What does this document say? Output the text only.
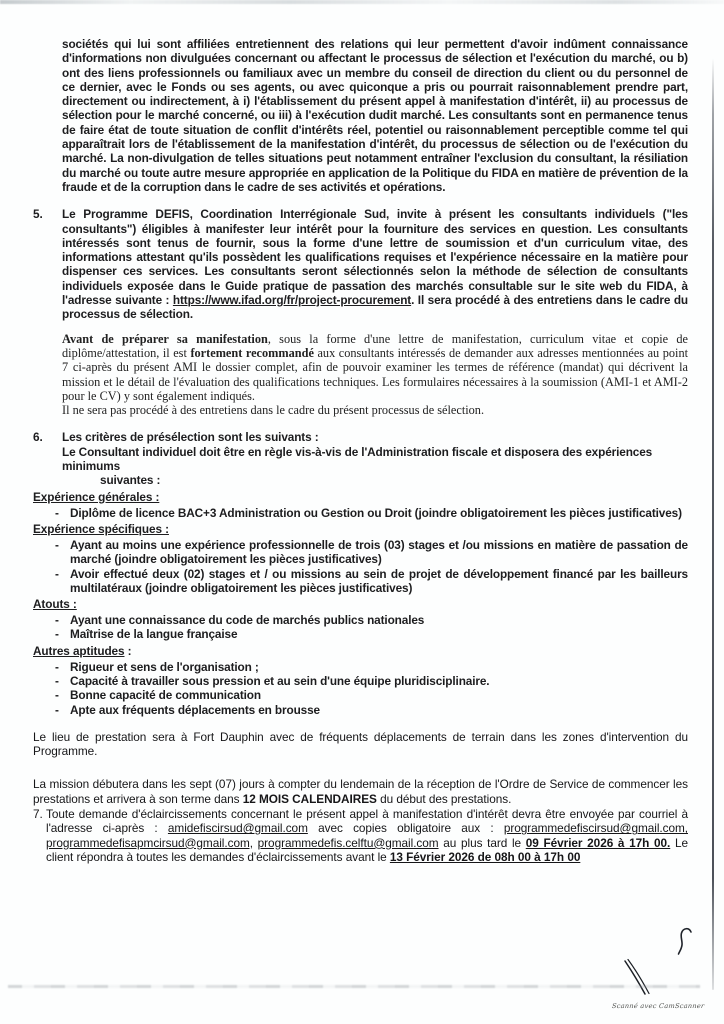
sociétés qui lui sont affiliées entretiennent des relations qui leur permettent d'avoir indûment connaissance d'informations non divulguées concernant ou affectant le processus de sélection et l'exécution du marché, ou b) ont des liens professionnels ou familiaux avec un membre du conseil de direction du client ou du personnel de ce dernier, avec le Fonds ou ses agents, ou avec quiconque a pris ou pourrait raisonnablement prendre part, directement ou indirectement, à i) l'établissement du présent appel à manifestation d'intérêt, ii) au processus de sélection pour le marché concerné, ou iii) à l'exécution dudit marché. Les consultants sont en permanence tenus de faire état de toute situation de conflit d'intérêts réel, potentiel ou raisonnablement perceptible comme tel qui apparaîtrait lors de l'établissement de la manifestation d'intérêt, du processus de sélection ou de l'exécution du marché. La non-divulgation de telles situations peut notamment entraîner l'exclusion du consultant, la résiliation du marché ou toute autre mesure appropriée en application de la Politique du FIDA en matière de prévention de la fraude et de la corruption dans le cadre de ses activités et opérations.

5.	Le Programme DEFIS, Coordination Interrégionale Sud, invite à présent les consultants individuels ("les consultants") éligibles à manifester leur intérêt pour la fourniture des services en question. Les consultants intéressés sont tenus de fournir, sous la forme d'une lettre de soumission et d'un curriculum vitae, des informations attestant qu'ils possèdent les qualifications requises et l'expérience nécessaire en la matière pour dispenser ces services. Les consultants seront sélectionnés selon la méthode de sélection de consultants individuels exposée dans le Guide pratique de passation des marchés consultable sur le site web du FIDA, à l'adresse suivante : https://www.ifad.org/fr/project-procurement. Il sera procédé à des entretiens dans le cadre du processus de sélection.

Avant de préparer sa manifestation, sous la forme d'une lettre de manifestation, curriculum vitae et copie de diplôme/attestation, il est fortement recommandé aux consultants intéressés de demander aux adresses mentionnées au point 7 ci-après du présent AMI le dossier complet, afin de pouvoir examiner les termes de référence (mandat) qui décrivent la mission et le détail de l'évaluation des qualifications techniques. Les formulaires nécessaires à la soumission (AMI-1 et AMI-2 pour le CV) y sont également indiqués.

Il ne sera pas procédé à des entretiens dans le cadre du présent processus de sélection.

6.	Les critères de présélection sont les suivants :
Le Consultant individuel doit être en règle vis-à-vis de l'Administration fiscale et disposera des expériences minimums
suivantes :
Expérience générales :
- Diplôme de licence BAC+3 Administration ou Gestion ou Droit (joindre obligatoirement les pièces justificatives)
Expérience spécifiques :
- Ayant au moins une expérience professionnelle de trois (03) stages et /ou missions en matière de passation de marché (joindre obligatoirement les pièces justificatives)
- Avoir effectué deux (02) stages et / ou missions au sein de projet de développement financé par les bailleurs multilatéraux (joindre obligatoirement les pièces justificatives)
Atouts :
- Ayant une connaissance du code de marchés publics nationales
- Maîtrise de la langue française
Autres aptitudes :
- Rigueur et sens de l'organisation ;
- Capacité à travailler sous pression et au sein d'une équipe pluridisciplinaire.
- Bonne capacité de communication
- Apte aux fréquents déplacements en brousse

Le lieu de prestation sera à Fort Dauphin avec de fréquents déplacements de terrain dans les zones d'intervention du Programme.

La mission débutera dans les sept (07) jours à compter du lendemain de la réception de l'Ordre de Service de commencer les prestations et arrivera à son terme dans 12 MOIS CALENDAIRES du début des prestations.

7. Toute demande d'éclaircissements concernant le présent appel à manifestation d'intérêt devra être envoyée par courriel à l'adresse ci-après : amidefiscirsud@gmail.com avec copies obligatoire aux : programmedefiscirsud@gmail.com, programmedefisapmcirsud@gmail.com, programmedefis.celftu@gmail.com au plus tard le 09 Février 2026 à 17h 00. Le client répondra à toutes les demandes d'éclaircissements avant le 13 Février 2026 de 08h 00 à 17h 00

Scanné avec CamScanner
